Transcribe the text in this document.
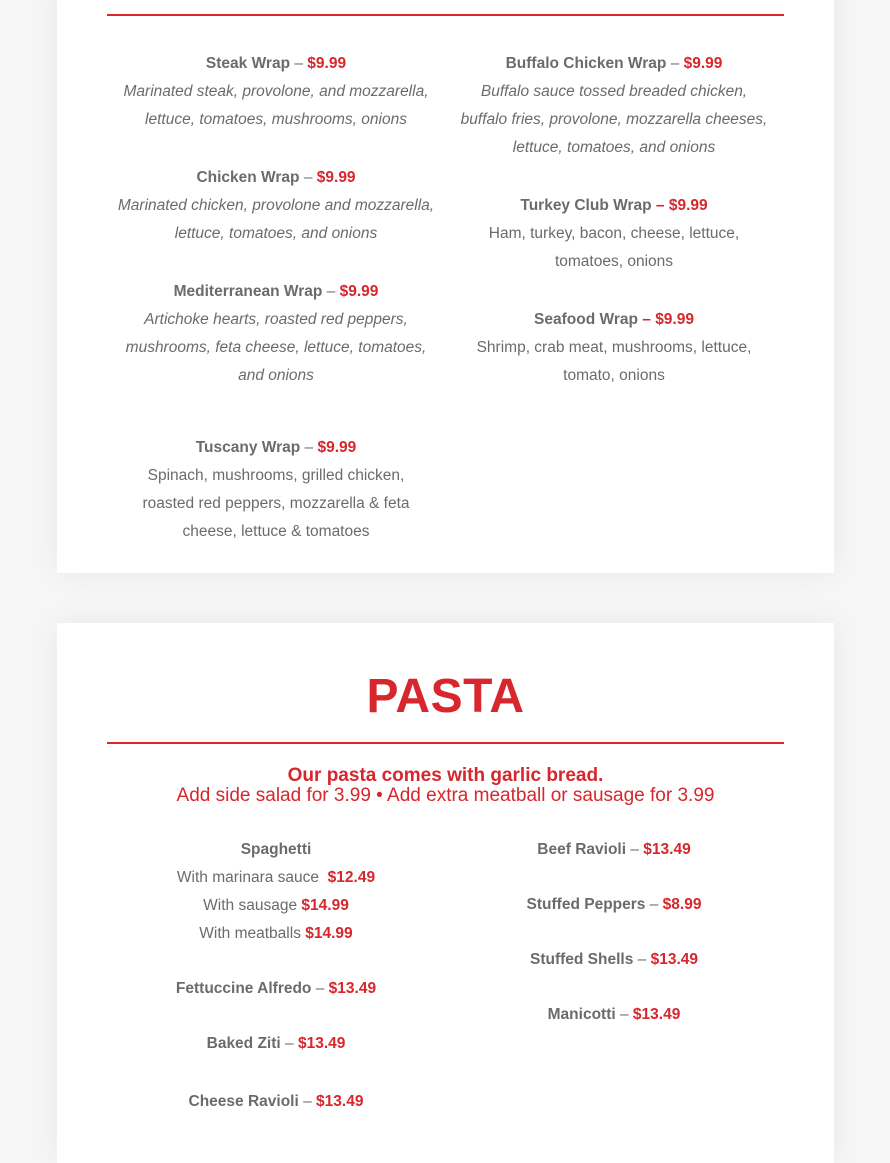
Steak Wrap – $9.99
Marinated steak, provolone, and mozzarella,
lettuce, tomatoes, mushrooms, onions
Chicken Wrap – $9.99
Marinated chicken, provolone and mozzarella,
lettuce, tomatoes, and onions
Mediterranean Wrap – $9.99
Artichoke hearts, roasted red peppers,
mushrooms, feta cheese, lettuce, tomatoes,
and onions
Tuscany Wrap – $9.99
Spinach, mushrooms, grilled chicken,
roasted red peppers, mozzarella & feta
cheese, lettuce & tomatoes
Buffalo Chicken Wrap – $9.99
Buffalo sauce tossed breaded chicken,
buffalo fries, provolone, mozzarella cheeses,
lettuce, tomatoes, and onions
Turkey Club Wrap – $9.99
Ham, turkey, bacon, cheese, lettuce,
tomatoes, onions
Seafood Wrap – $9.99
Shrimp, crab meat, mushrooms, lettuce,
tomato, onions
PASTA
Our pasta comes with garlic bread.
Add side salad for 3.99 • Add extra meatball or sausage for 3.99
Spaghetti
With marinara sauce $12.49
With sausage $14.99
With meatballs $14.99
Fettuccine Alfredo – $13.49
Baked Ziti – $13.49
Cheese Ravioli – $13.49
Beef Ravioli – $13.49
Stuffed Peppers – $8.99
Stuffed Shells – $13.49
Manicotti – $13.49
